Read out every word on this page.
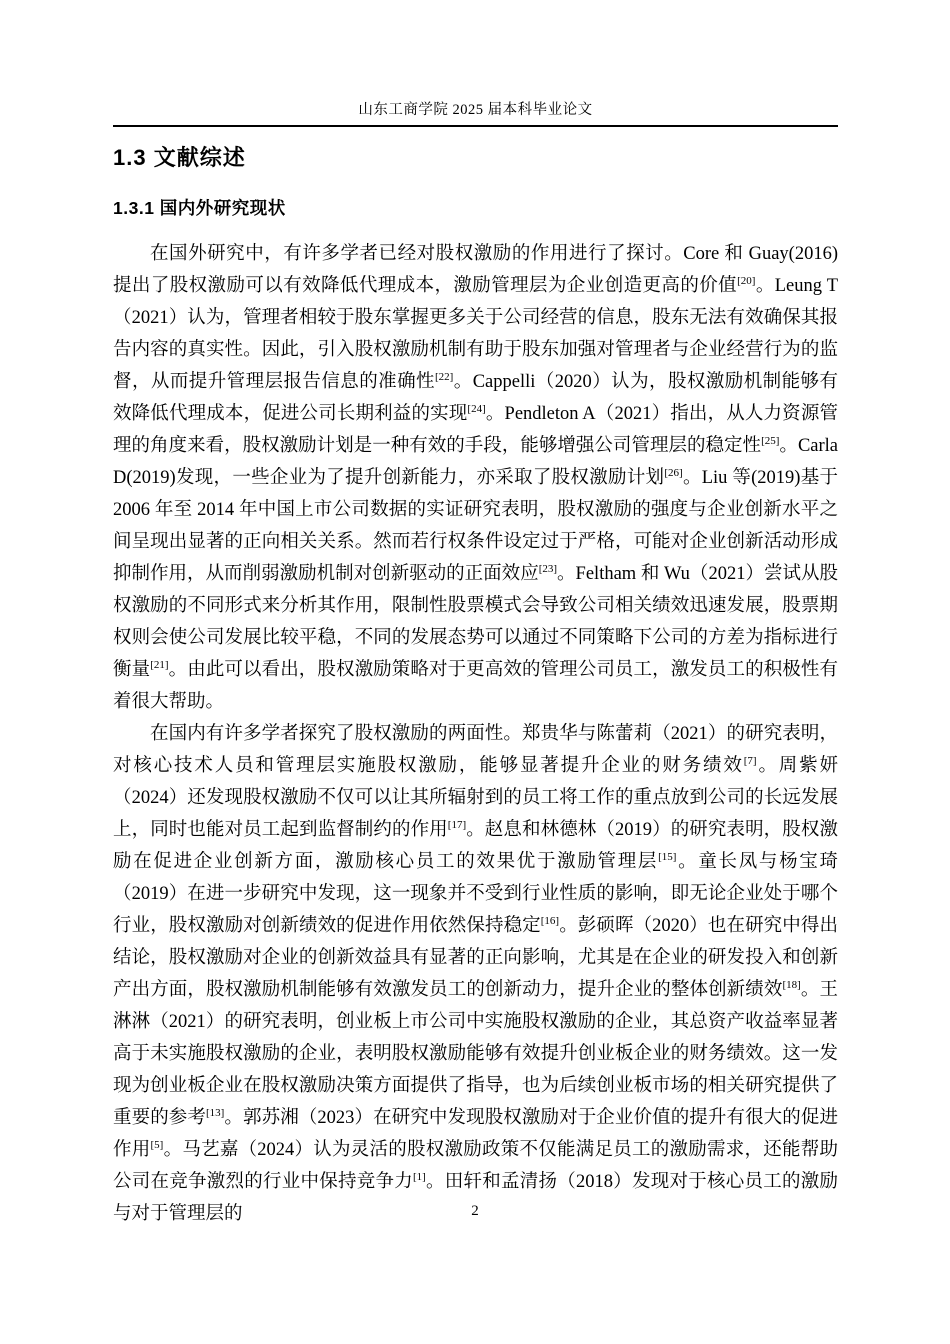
山东工商学院 2025 届本科毕业论文
1.3 文献综述
1.3.1 国内外研究现状

在国外研究中，有许多学者已经对股权激励的作用进行了探讨。Core 和 Guay(2016)提出了股权激励可以有效降低代理成本，激励管理层为企业创造更高的价值[20]。Leung T（2021）认为，管理者相较于股东掌握更多关于公司经营的信息，股东无法有效确保其报告内容的真实性。因此，引入股权激励机制有助于股东加强对管理者与企业经营行为的监督，从而提升管理层报告信息的准确性[22]。Cappelli（2020）认为，股权激励机制能够有效降低代理成本，促进公司长期利益的实现[24]。Pendleton A（2021）指出，从人力资源管理的角度来看，股权激励计划是一种有效的手段，能够增强公司管理层的稳定性[25]。Carla D(2019)发现，一些企业为了提升创新能力，亦采取了股权激励计划[26]。Liu 等(2019)基于 2006 年至 2014 年中国上市公司数据的实证研究表明，股权激励的强度与企业创新水平之间呈现出显著的正向相关关系。然而若行权条件设定过于严格，可能对企业创新活动形成抑制作用，从而削弱激励机制对创新驱动的正面效应[23]。Feltham 和 Wu（2021）尝试从股权激励的不同形式来分析其作用，限制性股票模式会导致公司相关绩效迅速发展，股票期权则会使公司发展比较平稳，不同的发展态势可以通过不同策略下公司的方差为指标进行衡量[21]。由此可以看出，股权激励策略对于更高效的管理公司员工，激发员工的积极性有着很大帮助。

在国内有许多学者探究了股权激励的两面性。郑贵华与陈蕾莉（2021）的研究表明，对核心技术人员和管理层实施股权激励，能够显著提升企业的财务绩效[7]。周紫妍（2024）还发现股权激励不仅可以让其所辐射到的员工将工作的重点放到公司的长远发展上，同时也能对员工起到监督制约的作用[17]。赵息和林德林（2019）的研究表明，股权激励在促进企业创新方面，激励核心员工的效果优于激励管理层[15]。童长凤与杨宝琦（2019）在进一步研究中发现，这一现象并不受到行业性质的影响，即无论企业处于哪个行业，股权激励对创新绩效的促进作用依然保持稳定[16]。彭硕晖（2020）也在研究中得出结论，股权激励对企业的创新效益具有显著的正向影响，尤其是在企业的研发投入和创新产出方面，股权激励机制能够有效激发员工的创新动力，提升企业的整体创新绩效[18]。王淋淋（2021）的研究表明，创业板上市公司中实施股权激励的企业，其总资产收益率显著高于未实施股权激励的企业，表明股权激励能够有效提升创业板企业的财务绩效。这一发现为创业板企业在股权激励决策方面提供了指导，也为后续创业板市场的相关研究提供了重要的参考[13]。郭苏湘（2023）在研究中发现股权激励对于企业价值的提升有很大的促进作用[5]。马艺嘉（2024）认为灵活的股权激励政策不仅能满足员工的激励需求，还能帮助公司在竞争激烈的行业中保持竞争力[1]。田轩和孟清扬（2018）发现对于核心员工的激励与对于管理层的	2
